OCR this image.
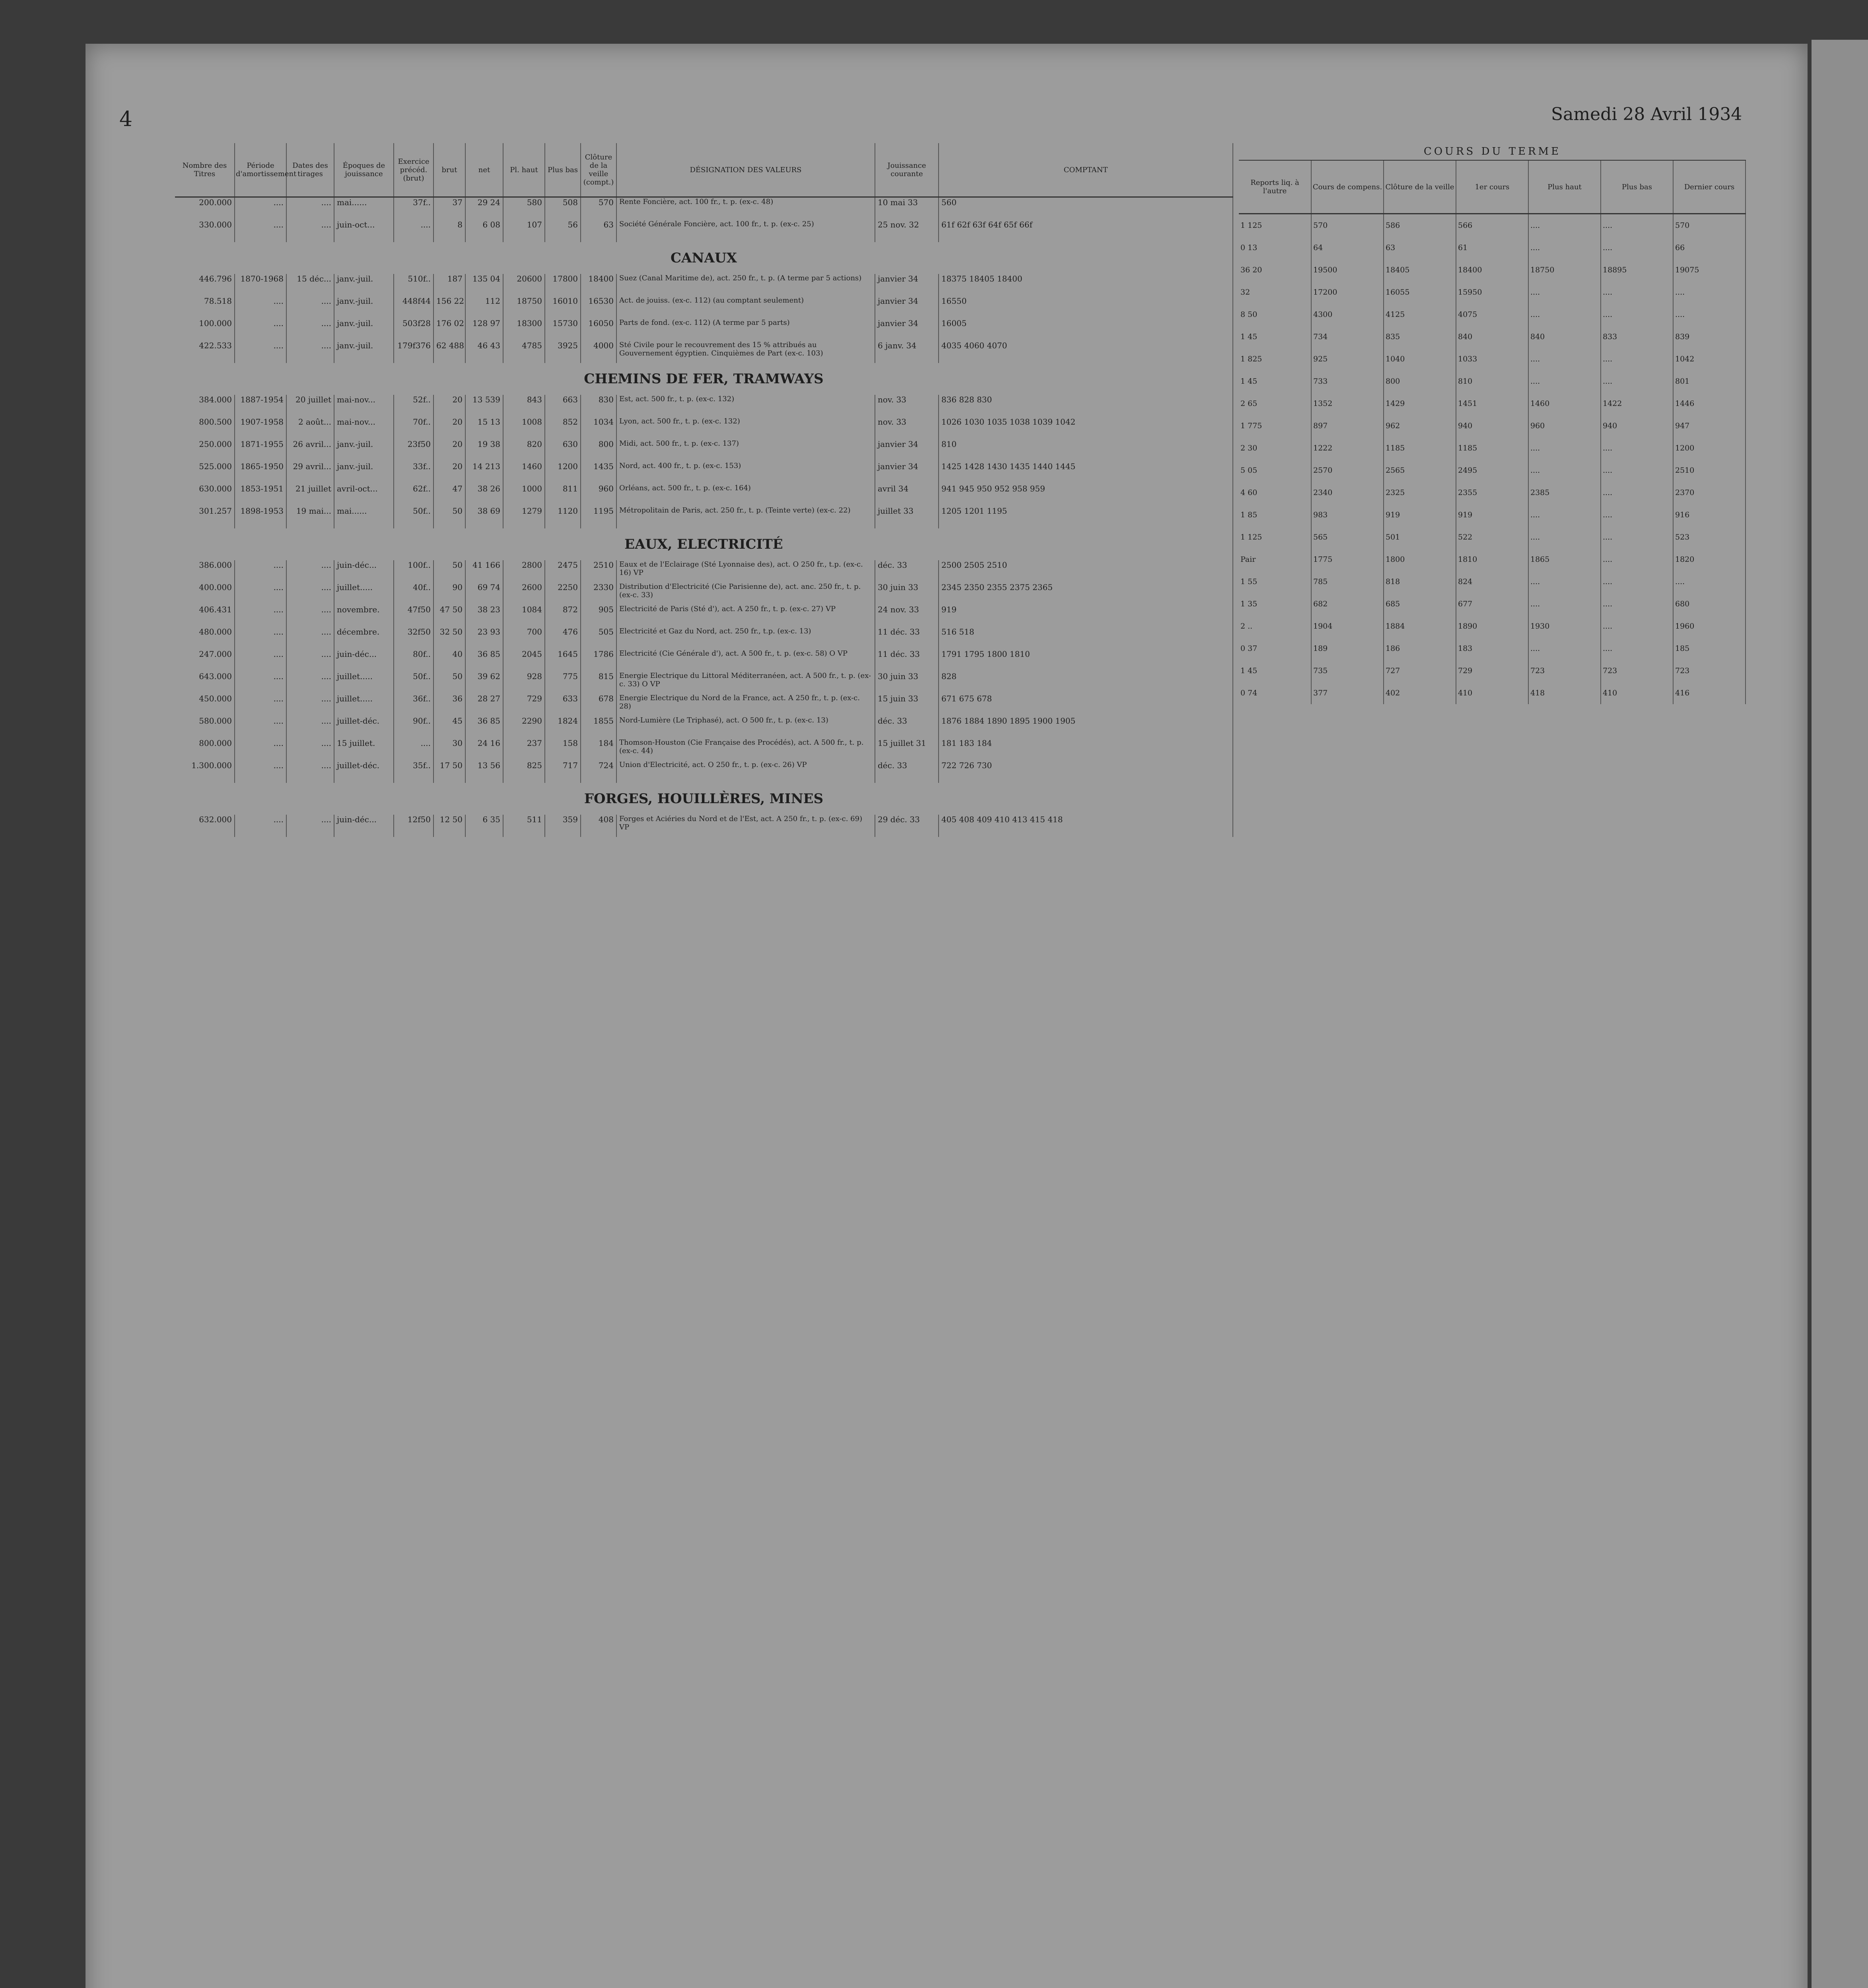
4	Samedi 28 Avril 1934
Nombre des Titres	Période d'amortissement	Dates des tirages	Époques de jouissance	Exercice précéd. (brut)	brut	net	Pl. haut	Plus bas	Clôture de la veille (compt.)	DÉSIGNATION DES VALEURS	Jouissance courante	COMPTANT
200.000	....	....	mai......	37f..	37	29 24	580	508	570	Rente Foncière, act. 100 fr., t. p. (ex-c. 48)	10 mai 33	560
330.000	....	....	juin-oct...	....	8	6 08	107	56	63	Société Générale Foncière, act. 100 fr., t. p. (ex-c. 25)	25 nov. 32	61f 62f 63f 64f 65f 66f
CANAUX												
446.796	1870-1968	15 déc...	janv.-juil.	510f..	187	135 04	20600	17800	18400	Suez (Canal Maritime de), act. 250 fr., t. p. (A terme par 5 actions)	janvier 34	18375 18405 18400
78.518	....	....	janv.-juil.	448f44	156 22	112	18750	16010	16530	Act. de jouiss. (ex-c. 112) (au comptant seulement)	janvier 34	16550
100.000	....	....	janv.-juil.	503f28	176 02	128 97	18300	15730	16050	Parts de fond. (ex-c. 112) (A terme par 5 parts)	janvier 34	16005
422.533	....	....	janv.-juil.	179f376	62 488	46 43	4785	3925	4000	Sté Civile pour le recouvrement des 15 % attribués au Gouvernement égyptien. Cinquièmes de Part (ex-c. 103)	6 janv. 34	4035 4060 4070
CHEMINS DE FER, TRAMWAYS												
384.000	1887-1954	20 juillet	mai-nov...	52f..	20	13 539	843	663	830	Est, act. 500 fr., t. p. (ex-c. 132)	nov. 33	836 828 830
800.500	1907-1958	2 août...	mai-nov...	70f..	20	15 13	1008	852	1034	Lyon, act. 500 fr., t. p. (ex-c. 132)	nov. 33	1026 1030 1035 1038 1039 1042
250.000	1871-1955	26 avril...	janv.-juil.	23f50	20	19 38	820	630	800	Midi, act. 500 fr., t. p. (ex-c. 137)	janvier 34	810
525.000	1865-1950	29 avril...	janv.-juil.	33f..	20	14 213	1460	1200	1435	Nord, act. 400 fr., t. p. (ex-c. 153)	janvier 34	1425 1428 1430 1435 1440 1445
630.000	1853-1951	21 juillet	avril-oct...	62f..	47	38 26	1000	811	960	Orléans, act. 500 fr., t. p. (ex-c. 164)	avril 34	941 945 950 952 958 959
301.257	1898-1953	19 mai...	mai......	50f..	50	38 69	1279	1120	1195	Métropolitain de Paris, act. 250 fr., t. p. (Teinte verte) (ex-c. 22)	juillet 33	1205 1201 1195
EAUX, ELECTRICITÉ												
386.000	....	....	juin-déc...	100f..	50	41 166	2800	2475	2510	Eaux et de l'Eclairage (Sté Lyonnaise des), act. O 250 fr., t.p. (ex-c. 16) VP	déc. 33	2500 2505 2510
400.000	....	....	juillet.....	40f..	90	69 74	2600	2250	2330	Distribution d'Electricité (Cie Parisienne de), act. anc. 250 fr., t. p. (ex-c. 33)	30 juin 33	2345 2350 2355 2375 2365
406.431	....	....	novembre.	47f50	47 50	38 23	1084	872	905	Electricité de Paris (Sté d'), act. A 250 fr., t. p. (ex-c. 27) VP	24 nov. 33	919
480.000	....	....	décembre.	32f50	32 50	23 93	700	476	505	Electricité et Gaz du Nord, act. 250 fr., t.p. (ex-c. 13)	11 déc. 33	516 518
247.000	....	....	juin-déc...	80f..	40	36 85	2045	1645	1786	Electricité (Cie Générale d'), act. A 500 fr., t. p. (ex-c. 58) O VP	11 déc. 33	1791 1795 1800 1810
643.000	....	....	juillet.....	50f..	50	39 62	928	775	815	Energie Electrique du Littoral Méditerranéen, act. A 500 fr., t. p. (ex-c. 33) O VP	30 juin 33	828
450.000	....	....	juillet.....	36f..	36	28 27	729	633	678	Energie Electrique du Nord de la France, act. A 250 fr., t. p. (ex-c. 28)	15 juin 33	671 675 678
580.000	....	....	juillet-déc.	90f..	45	36 85	2290	1824	1855	Nord-Lumière (Le Triphasé), act. O 500 fr., t. p. (ex-c. 13)	déc. 33	1876 1884 1890 1895 1900 1905
800.000	....	....	15 juillet.	....	30	24 16	237	158	184	Thomson-Houston (Cie Française des Procédés), act. A 500 fr., t. p. (ex-c. 44)	15 juillet 31	181 183 184
1.300.000	....	....	juillet-déc.	35f..	17 50	13 56	825	717	724	Union d'Electricité, act. O 250 fr., t. p. (ex-c. 26) VP	déc. 33	722 726 730
FORGES, HOUILLÈRES, MINES												
632.000	....	....	juin-déc...	12f50	12 50	6 35	511	359	408	Forges et Aciéries du Nord et de l'Est, act. A 250 fr., t. p. (ex-c. 69) VP	29 déc. 33	405 408 409 410 413 415 418
COURS DU TERME
Reports liq. à l'autre	Cours de compens.	Clôture de la veille	1er cours	Plus haut	Plus bas	Dernier cours
1 125	570	586	566	....	....	570
0 13	64	63	61	....	....	66
36 20	19500	18405	18400	18750	18895	19075
32	17200	16055	15950	....	....	....
8 50	4300	4125	4075	....	....	....
1 45	734	835	840	840	833	839
1 825	925	1040	1033	....	....	1042
1 45	733	800	810	....	....	801
2 65	1352	1429	1451	1460	1422	1446
1 775	897	962	940	960	940	947
2 30	1222	1185	1185	....	....	1200
5 05	2570	2565	2495	....	....	2510
4 60	2340	2325	2355	2385	....	2370
1 85	983	919	919	....	....	916
1 125	565	501	522	....	....	523
Pair	1775	1800	1810	1865	....	1820
1 55	785	818	824	....	....	....
1 35	682	685	677	....	....	680
2 ..	1904	1884	1890	1930	....	1960
0 37	189	186	183	....	....	185
1 45	735	727	729	723	723	723
0 74	377	402	410	418	410	416
